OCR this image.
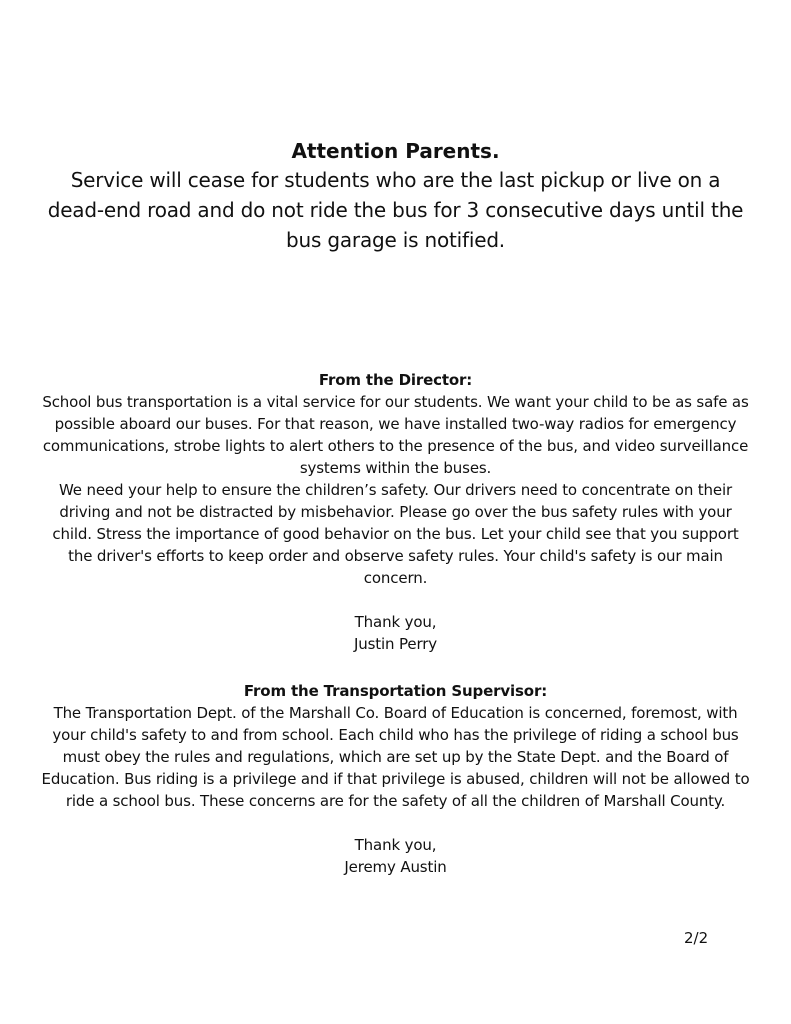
Attention Parents.

Service will cease for students who are the last pickup or live on a dead-end road and do not ride the bus for 3 consecutive days until the bus garage is notified.

From the Director:

School bus transportation is a vital service for our students. We want your child to be as safe as possible aboard our buses. For that reason, we have installed two-way radios for emergency communications, strobe lights to alert others to the presence of the bus, and video surveillance systems within the buses.

We need your help to ensure the children’s safety. Our drivers need to concentrate on their driving and not be distracted by misbehavior. Please go over the bus safety rules with your child. Stress the importance of good behavior on the bus. Let your child see that you support the driver's efforts to keep order and observe safety rules. Your child's safety is our main concern.

Thank you,
Justin Perry

From the Transportation Supervisor:

The Transportation Dept. of the Marshall Co. Board of Education is concerned, foremost, with your child's safety to and from school. Each child who has the privilege of riding a school bus must obey the rules and regulations, which are set up by the State Dept. and the Board of Education. Bus riding is a privilege and if that privilege is abused, children will not be allowed to ride a school bus. These concerns are for the safety of all the children of Marshall County.

Thank you,
Jeremy Austin
2/2
